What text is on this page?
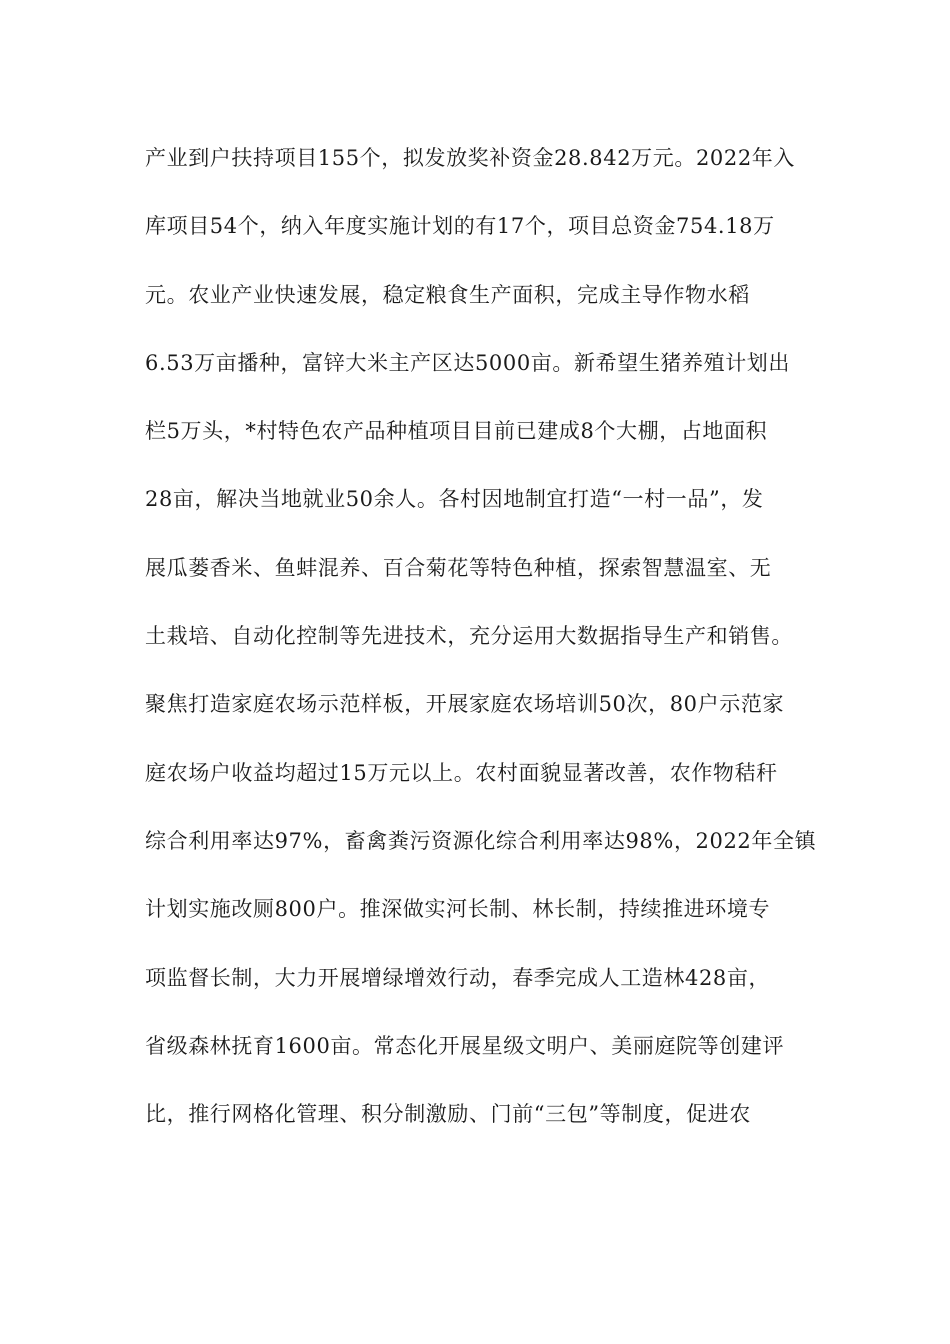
产业到户扶持项目155个，拟发放奖补资金28.842万元。2022年入
库项目54个，纳入年度实施计划的有17个，项目总资金754.18万
元。农业产业快速发展，稳定粮食生产面积，完成主导作物水稻
6.53万亩播种，富锌大米主产区达5000亩。新希望生猪养殖计划出
栏5万头，*村特色农产品种植项目目前已建成8个大棚，占地面积
28亩，解决当地就业50余人。各村因地制宜打造“一村一品”，发
展瓜蒌香米、鱼蚌混养、百合菊花等特色种植，探索智慧温室、无
土栽培、自动化控制等先进技术，充分运用大数据指导生产和销售。
聚焦打造家庭农场示范样板，开展家庭农场培训50次，80户示范家
庭农场户收益均超过15万元以上。农村面貌显著改善，农作物秸秆
综合利用率达97%，畜禽粪污资源化综合利用率达98%，2022年全镇
计划实施改厕800户。推深做实河长制、林长制，持续推进环境专
项监督长制，大力开展增绿增效行动，春季完成人工造林428亩，
省级森林抚育1600亩。常态化开展星级文明户、美丽庭院等创建评
比，推行网格化管理、积分制激励、门前“三包”等制度，促进农
